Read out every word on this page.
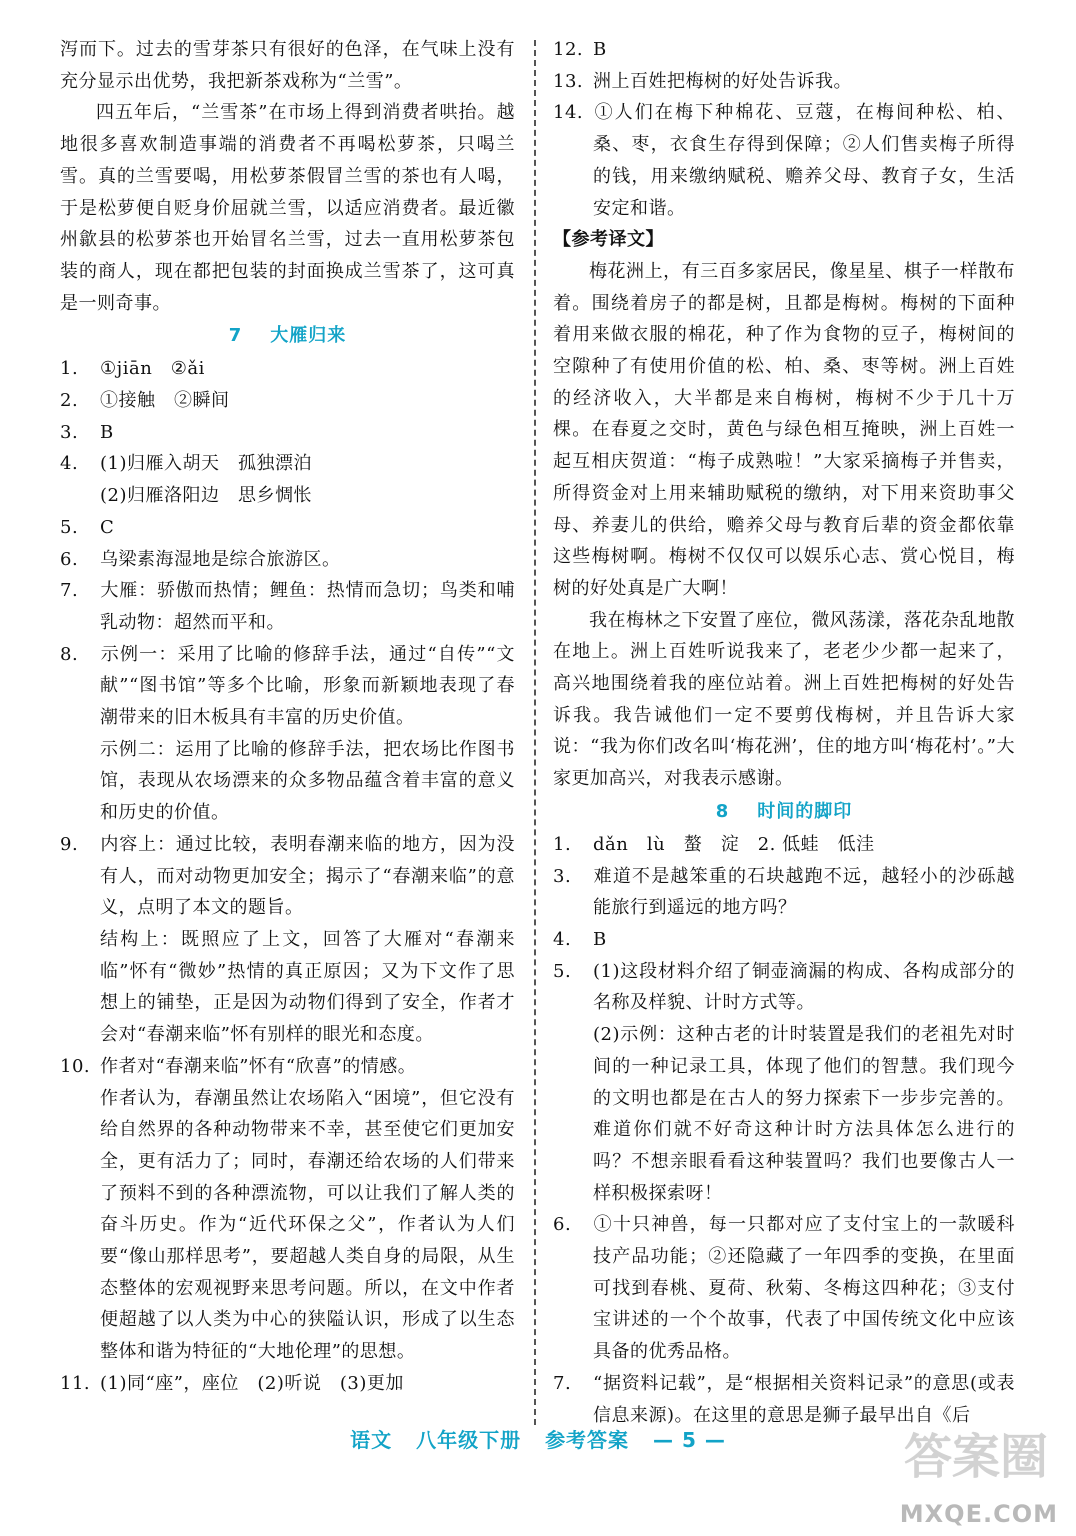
泻而下。过去的雪芽茶只有很好的色泽，在气味上没有充分显示出优势，我把新茶戏称为“兰雪”。

四五年后，“兰雪茶”在市场上得到消费者哄抬。越地很多喜欢制造事端的消费者不再喝松萝茶，只喝兰雪。真的兰雪要喝，用松萝茶假冒兰雪的茶也有人喝，于是松萝便自贬身价屈就兰雪，以适应消费者。最近徽州歙县的松萝茶也开始冒名兰雪，过去一直用松萝茶包装的商人，现在都把包装的封面换成兰雪茶了，这可真是一则奇事。

7 大雁归来

1. ①jiān　②ǎi

2. ①接触　②瞬间

3. B

4. (1)归雁入胡天　孤独漂泊

(2)归雁洛阳边　思乡惆怅

5. C

6. 乌梁素海湿地是综合旅游区。

7. 大雁：骄傲而热情；鲤鱼：热情而急切；鸟类和哺乳动物：超然而平和。

8. 示例一：采用了比喻的修辞手法，通过“自传”“文献”“图书馆”等多个比喻，形象而新颖地表现了春潮带来的旧木板具有丰富的历史价值。

示例二：运用了比喻的修辞手法，把农场比作图书馆，表现从农场漂来的众多物品蕴含着丰富的意义和历史的价值。

9. 内容上：通过比较，表明春潮来临的地方，因为没有人，而对动物更加安全；揭示了“春潮来临”的意义，点明了本文的题旨。

结构上：既照应了上文，回答了大雁对“春潮来临”怀有“微妙”热情的真正原因；又为下文作了思想上的铺垫，正是因为动物们得到了安全，作者才会对“春潮来临”怀有别样的眼光和态度。

10. 作者对“春潮来临”怀有“欣喜”的情感。

作者认为，春潮虽然让农场陷入“困境”，但它没有给自然界的各种动物带来不幸，甚至使它们更加安全，更有活力了；同时，春潮还给农场的人们带来了预料不到的各种漂流物，可以让我们了解人类的奋斗历史。作为“近代环保之父”，作者认为人们要“像山那样思考”，要超越人类自身的局限，从生态整体的宏观视野来思考问题。所以，在文中作者便超越了以人类为中心的狭隘认识，形成了以生态整体和谐为特征的“大地伦理”的思想。

11. (1)同“座”，座位　(2)听说　(3)更加

12. B

13. 洲上百姓把梅树的好处告诉我。

14. ①人们在梅下种棉花、豆蔻，在梅间种松、柏、桑、枣，衣食生存得到保障；②人们售卖梅子所得的钱，用来缴纳赋税、赡养父母、教育子女，生活安定和谐。

【参考译文】

梅花洲上，有三百多家居民，像星星、棋子一样散布着。围绕着房子的都是树，且都是梅树。梅树的下面种着用来做衣服的棉花，种了作为食物的豆子，梅树间的空隙种了有使用价值的松、柏、桑、枣等树。洲上百姓的经济收入，大半都是来自梅树，梅树不少于几十万棵。在春夏之交时，黄色与绿色相互掩映，洲上百姓一起互相庆贺道：“梅子成熟啦！”大家采摘梅子并售卖，所得资金对上用来辅助赋税的缴纳，对下用来资助事父母、养妻儿的供给，赡养父母与教育后辈的资金都依靠这些梅树啊。梅树不仅仅可以娱乐心志、赏心悦目，梅树的好处真是广大啊！

我在梅林之下安置了座位，微风荡漾，落花杂乱地散在地上。洲上百姓听说我来了，老老少少都一起来了，高兴地围绕着我的座位站着。洲上百姓把梅树的好处告诉我。我告诫他们一定不要剪伐梅树，并且告诉大家说：“我为你们改名叫‘梅花洲’，住的地方叫‘梅花村’。”大家更加高兴，对我表示感谢。

8 时间的脚印

1. dǎn　lù　螯　淀　2. 低蛙　低洼

3. 难道不是越笨重的石块越跑不远，越轻小的沙砾越能旅行到遥远的地方吗？

4. B

5. (1)这段材料介绍了铜壶滴漏的构成、各构成部分的名称及样貌、计时方式等。

(2)示例：这种古老的计时装置是我们的老祖先对时间的一种记录工具，体现了他们的智慧。我们现今的文明也都是在古人的努力探索下一步步完善的。难道你们就不好奇这种计时方法具体怎么进行的吗？不想亲眼看看这种装置吗？我们也要像古人一样积极探索呀！

6. ①十只神兽，每一只都对应了支付宝上的一款暖科技产品功能；②还隐藏了一年四季的变换，在里面可找到春桃、夏荷、秋菊、冬梅这四种花；③支付宝讲述的一个个故事，代表了中国传统文化中应该具备的优秀品格。

7. “据资料记载”，是“根据相关资料记录”的意思(或表信息来源)。在这里的意思是狮子最早出自《后

语文 八年级下册 参考答案 — 5 —	答案圈
MXQE.COM
